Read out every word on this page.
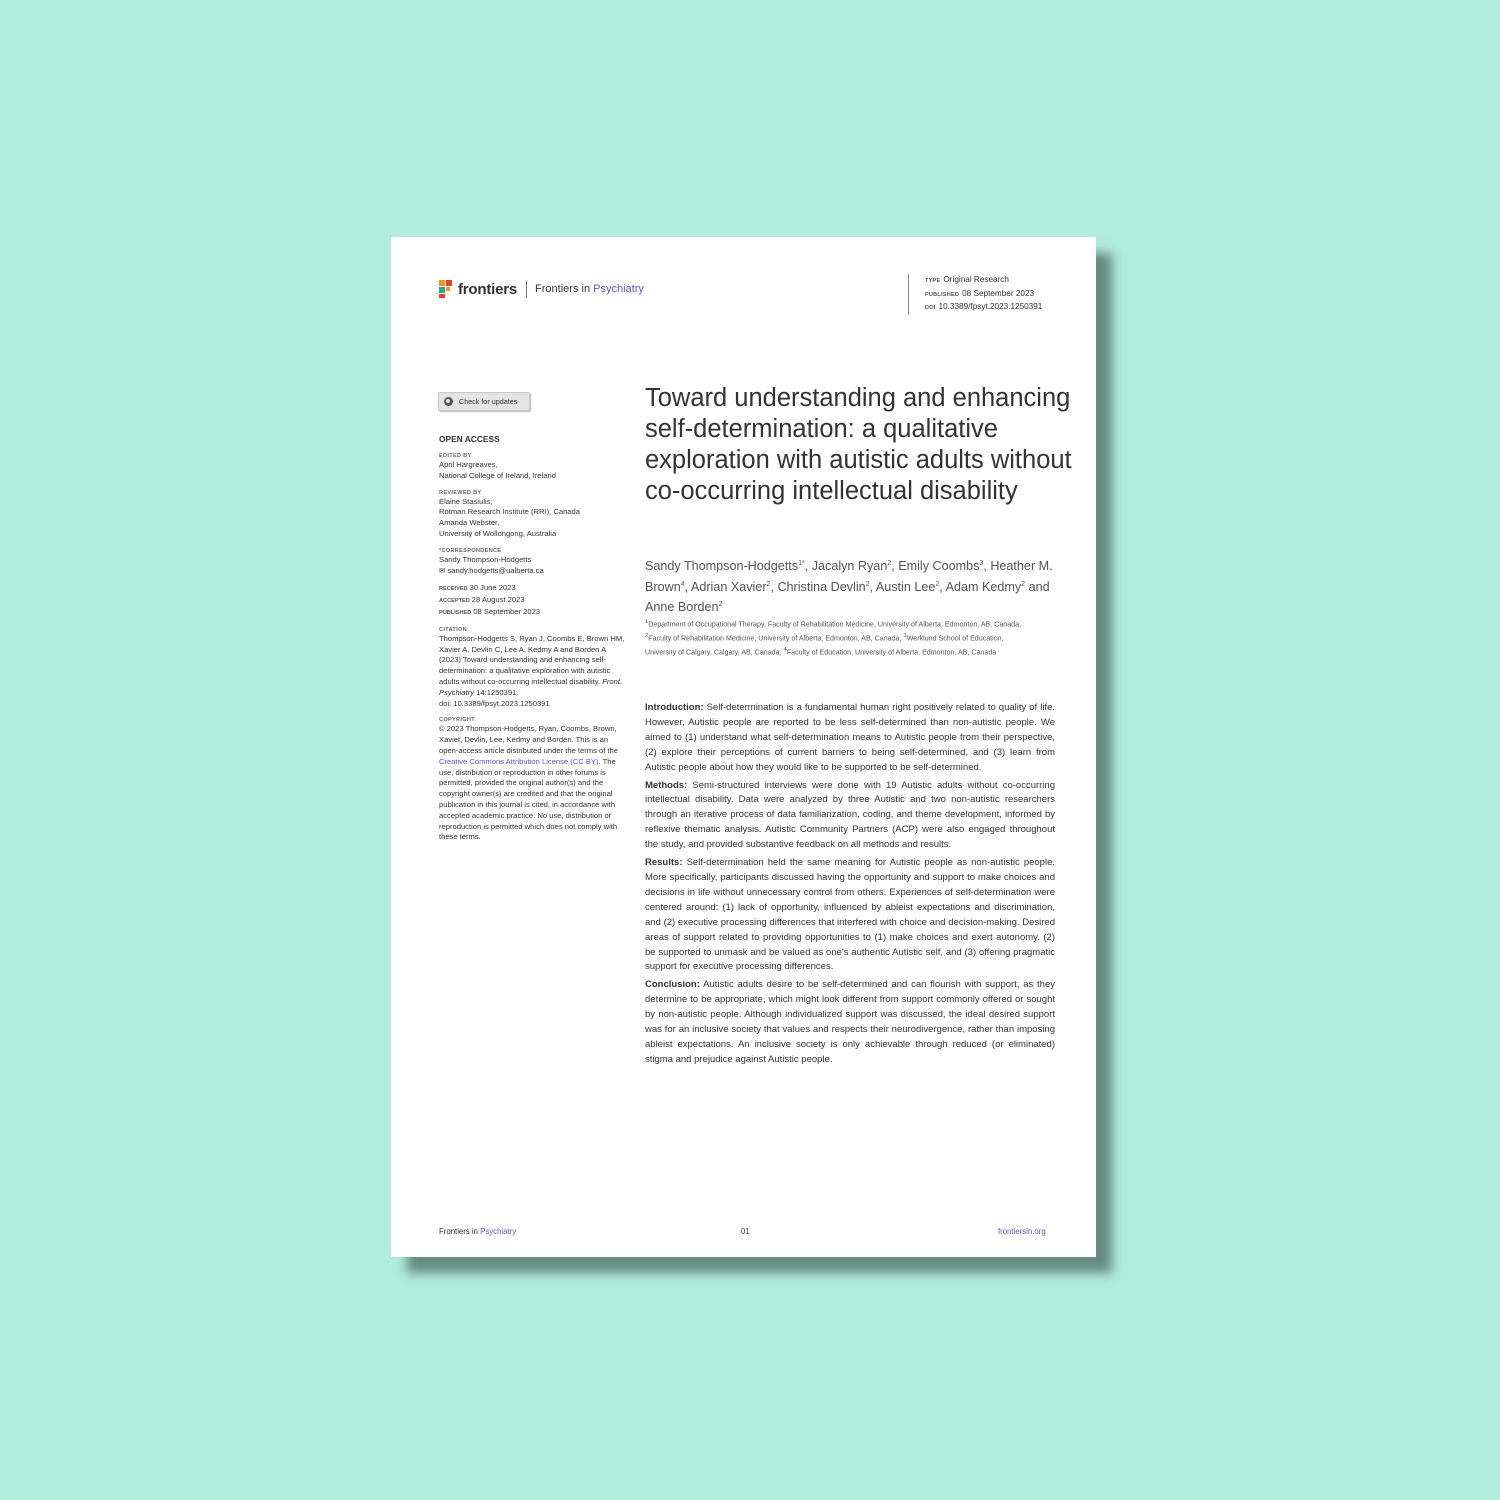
frontiers Frontiers in Psychiatry
TYPE Original Research
PUBLISHED 08 September 2023
DOI 10.3389/fpsyt.2023.1250391
Check for updates
OPEN ACCESS
EDITED BY
April Hargreaves,
National College of Ireland, Ireland
REVIEWED BY
Elaine Stasiulis,
Rotman Research Institute (RRI), Canada
Amanda Webster,
University of Wollongong, Australia
*CORRESPONDENCE
Sandy Thompson-Hodgetts
✉ sandy.hodgetts@ualberta.ca
RECEIVED 30 June 2023
ACCEPTED 28 August 2023
PUBLISHED 08 September 2023
CITATION
Thompson-Hodgetts S, Ryan J, Coombs E, Brown HM, Xavier A, Devlin C, Lee A, Kedmy A and Borden A (2023) Toward understanding and enhancing self-determination: a qualitative exploration with autistic adults without co-occurring intellectual disability. Front. Psychiatry 14:1250391.
doi: 10.3389/fpsyt.2023.1250391
COPYRIGHT
© 2023 Thompson-Hodgetts, Ryan, Coombs, Brown, Xavier, Devlin, Lee, Kedmy and Borden. This is an open-access article distributed under the terms of the Creative Commons Attribution License (CC BY). The use, distribution or reproduction in other forums is permitted, provided the original author(s) and the copyright owner(s) are credited and that the original publication in this journal is cited, in accordance with accepted academic practice. No use, distribution or reproduction is permitted which does not comply with these terms.
Toward understanding and enhancing self-determination: a qualitative exploration with autistic adults without co-occurring intellectual disability
Sandy Thompson-Hodgetts$^{1*}$, Jacalyn Ryan$^2$, Emily Coombs$^3$, Heather M. Brown$^4$, Adrian Xavier$^2$, Christina Devlin$^2$, Austin Lee$^2$, Adam Kedmy$^2$ and Anne Borden$^2$
$^1$Department of Occupational Therapy, Faculty of Rehabilitation Medicine, University of Alberta, Edmonton, AB, Canada, $^2$Faculty of Rehabilitation Medicine, University of Alberta, Edmonton, AB, Canada, $^3$Werklund School of Education, University of Calgary, Calgary, AB, Canada, $^4$Faculty of Education, University of Alberta, Edmonton, AB, Canada

Introduction: Self-determination is a fundamental human right positively related to quality of life. However, Autistic people are reported to be less self-determined than non-autistic people. We aimed to (1) understand what self-determination means to Autistic people from their perspective, (2) explore their perceptions of current barriers to being self-determined, and (3) learn from Autistic people about how they would like to be supported to be self-determined.

Methods: Semi-structured interviews were done with 19 Autistic adults without co-occurring intellectual disability. Data were analyzed by three Autistic and two non-autistic researchers through an iterative process of data familiarization, coding, and theme development, informed by reflexive thematic analysis. Autistic Community Partners (ACP) were also engaged throughout the study, and provided substantive feedback on all methods and results.

Results: Self-determination held the same meaning for Autistic people as non-autistic people. More specifically, participants discussed having the opportunity and support to make choices and decisions in life without unnecessary control from others. Experiences of self-determination were centered around: (1) lack of opportunity, influenced by ableist expectations and discrimination, and (2) executive processing differences that interfered with choice and decision-making. Desired areas of support related to providing opportunities to (1) make choices and exert autonomy, (2) be supported to unmask and be valued as one's authentic Autistic self, and (3) offering pragmatic support for executive processing differences.

Conclusion: Autistic adults desire to be self-determined and can flourish with support, as they determine to be appropriate, which might look different from support commonly offered or sought by non-autistic people. Although individualized support was discussed, the ideal desired support was for an inclusive society that values and respects their neurodivergence, rather than imposing ableist expectations. An inclusive society is only achievable through reduced (or eliminated) stigma and prejudice against Autistic people.

Frontiers in Psychiatry	01	frontiersin.org
